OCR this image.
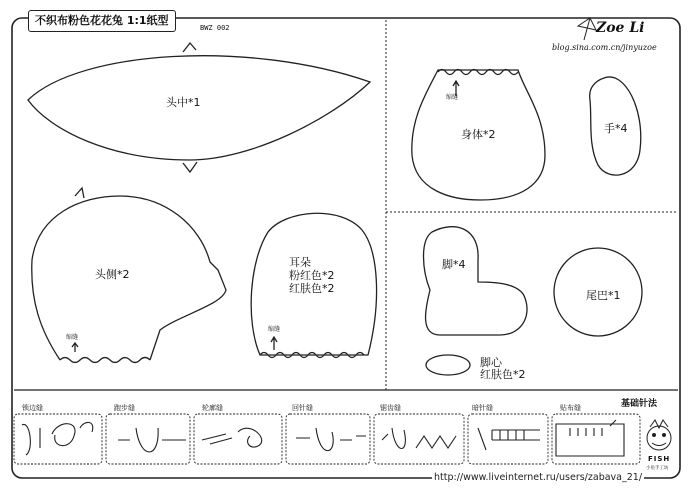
不织布粉色花花兔 1:1纸型
BWZ 002	Zoe Li
blog.sina.com.cn/jinyuzoe
头中*1
头侧*2
耳朵
粉红色*2
红肤色*2
身体*2	手*4
脚*4
尾巴*1
脚心
红肤色*2
缩缝
缩缝
缩缝
基础针法
锁边缝	跑步缝	轮廓缝	回针缝	锯齿缝	暗针缝	贴布缝
FISH
小鱼手工坊
http://www.liveinternet.ru/users/zabava_21/
